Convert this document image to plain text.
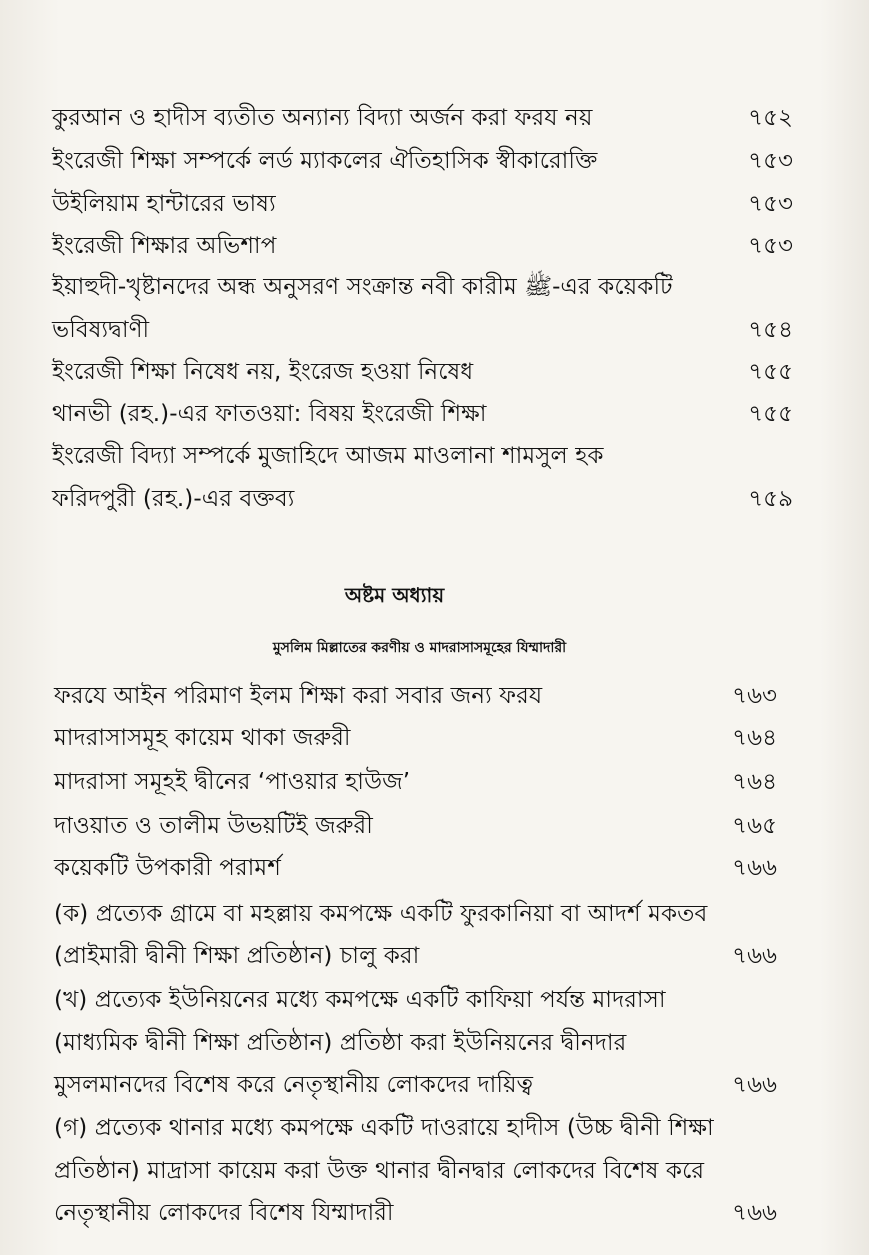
কুরআন ও হাদীস ব্যতীত অন্যান্য বিদ্যা অর্জন করা ফরয নয়	৭৫২
ইংরেজী শিক্ষা সম্পর্কে লর্ড ম্যাকলের ঐতিহাসিক স্বীকারোক্তি	৭৫৩
উইলিয়াম হান্টারের ভাষ্য	৭৫৩
ইংরেজী শিক্ষার অভিশাপ	৭৫৩
ইয়াহুদী-খৃষ্টানদের অন্ধ অনুসরণ সংক্রান্ত নবী কারীম ﷺ-এর কয়েকটি
ভবিষ্যদ্বাণী	৭৫৪
ইংরেজী শিক্ষা নিষেধ নয়, ইংরেজ হওয়া নিষেধ	৭৫৫
থানভী (রহ.)-এর ফাতওয়া: বিষয় ইংরেজী শিক্ষা	৭৫৫
ইংরেজী বিদ্যা সম্পর্কে মুজাহিদে আজম মাওলানা শামসুল হক
ফরিদপুরী (রহ.)-এর বক্তব্য	৭৫৯
অষ্টম অধ্যায়
মুসলিম মিল্লাতের করণীয় ও মাদরাসাসমূহের যিম্মাদারী
ফরযে আইন পরিমাণ ইলম শিক্ষা করা সবার জন্য ফরয	৭৬৩
মাদরাসাসমূহ কায়েম থাকা জরুরী	৭৬৪
মাদরাসা সমূহই দ্বীনের ‘পাওয়ার হাউজ’	৭৬৪
দাওয়াত ও তালীম উভয়টিই জরুরী	৭৬৫
কয়েকটি উপকারী পরামর্শ	৭৬৬
(ক) প্রত্যেক গ্রামে বা মহল্লায় কমপক্ষে একটি ফুরকানিয়া বা আদর্শ মকতব
(প্রাইমারী দ্বীনী শিক্ষা প্রতিষ্ঠান) চালু করা	৭৬৬
(খ) প্রত্যেক ইউনিয়নের মধ্যে কমপক্ষে একটি কাফিয়া পর্যন্ত মাদরাসা
(মাধ্যমিক দ্বীনী শিক্ষা প্রতিষ্ঠান) প্রতিষ্ঠা করা ইউনিয়নের দ্বীনদার
মুসলমানদের বিশেষ করে নেতৃস্থানীয় লোকদের দায়িত্ব	৭৬৬
(গ) প্রত্যেক থানার মধ্যে কমপক্ষে একটি দাওরায়ে হাদীস (উচ্চ দ্বীনী শিক্ষা
প্রতিষ্ঠান) মাদ্রাসা কায়েম করা উক্ত থানার দ্বীনদ্বার লোকদের বিশেষ করে
নেতৃস্থানীয় লোকদের বিশেষ যিম্মাদারী	৭৬৬
